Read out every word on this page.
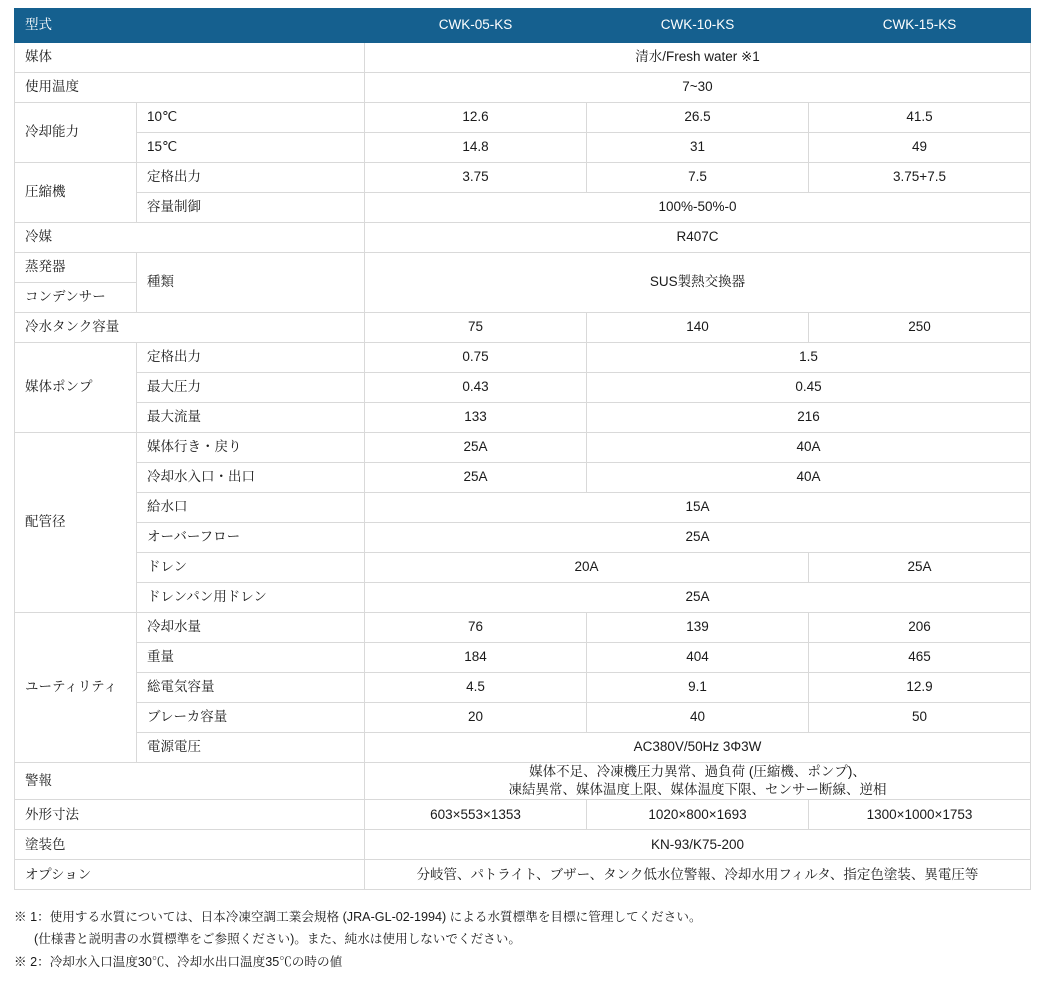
型式		CWK-05-KS	CWK-10-KS	CWK-15-KS
媒体		清水/Fresh water ※1		
使用温度		7~30		
冷却能力	10℃	12.6	26.5	41.5
	15℃	14.8	31	49
圧縮機	定格出力	3.75	7.5	3.75+7.5
	容量制御	100%-50%-0		
冷媒		R407C		
蒸発器	種類	SUS製熱交換器		
コンデンサー				
冷水タンク容量		75	140	250
媒体ポンプ	定格出力	0.75	1.5	
	最大圧力	0.43	0.45	
	最大流量	133	216	
配管径	媒体行き・戻り	25A	40A	
	冷却水入口・出口	25A	40A	
	給水口	15A		
	オーバーフロー	25A		
	ドレン	20A		25A
	ドレンパン用ドレン	25A		
ユーティリティ	冷却水量	76	139	206
	重量	184	404	465
	総電気容量	4.5	9.1	12.9
	ブレーカ容量	20	40	50
	電源電圧	AC380V/50Hz 3Φ3W		
警報		媒体不足、冷凍機圧力異常、過負荷 (圧縮機、ポンプ)、
凍結異常、媒体温度上限、媒体温度下限、センサー断線、逆相		

外形寸法		603×553×1353	1020×800×1693	1300×1000×1753
塗装色		KN-93/K75-200		
オプション		分岐管、パトライト、ブザー、タンク低水位警報、冷却水用フィルタ、指定色塗装、異電圧等		
※ 1：使用する水質については、日本冷凍空調工業会規格 (JRA-GL-02-1994) による水質標準を目標に管理してください。
(仕様書と説明書の水質標準をご参照ください)。また、純水は使用しないでください。
※ 2：冷却水入口温度30℃、冷却水出口温度35℃の時の値
